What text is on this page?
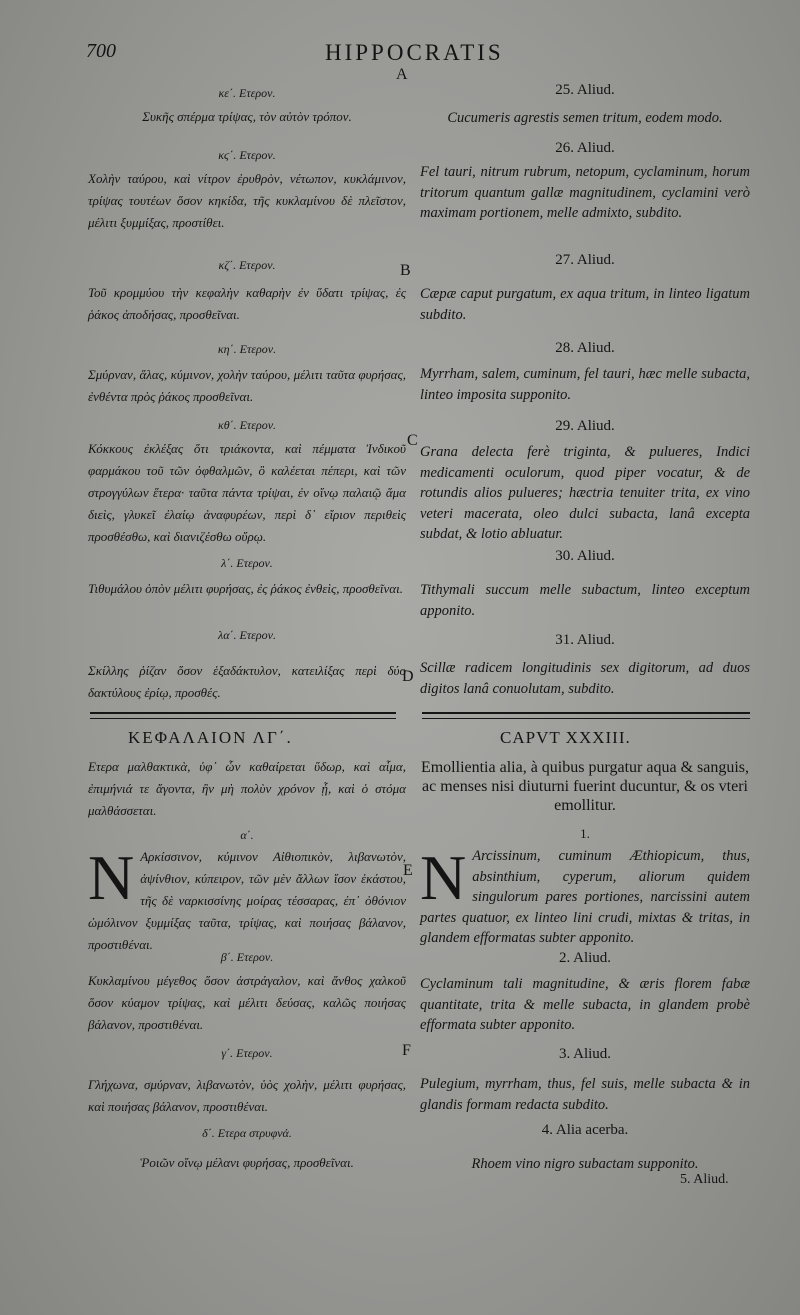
700	HIPPOCRATIS
A
B
C
D
E
F
κε΄. Ετερον.
Συκῆς σπέρμα τρίψας, τὸν αὐτὸν τρόπον.
κϛ΄. Ετερον.
Χολὴν ταύρου, καὶ νίτρον ἐρυθρὸν, νέτωπον, κυκλάμινον, τρίψας τουτέων ὅσον κηκίδα, τῆς κυκλαμίνου δὲ πλεῖστον, μέλιτι ξυμμίξας, προστίθει.
κζ΄. Ετερον.
Τοῦ κρομμύου τὴν κεφαλὴν καθαρὴν ἐν ὕδατι τρίψας, ἐς ῥάκος ἀποδήσας, προσθεῖναι.
κη΄. Ετερον.
Σμύρναν, ἅλας, κύμινον, χολὴν ταύρου, μέλιτι ταῦτα φυρήσας, ἐνθέντα πρὸς ῥάκος προσθεῖναι.
κθ΄. Ετερον.
Κόκκους ἐκλέξας ὅτι τριάκοντα, καὶ πέμματα Ἰνδικοῦ φαρμάκου τοῦ τῶν ὀφθαλμῶν, ὃ καλέεται πέπερι, καὶ τῶν στρογγύλων ἕτερα· ταῦτα πάντα τρίψαι, ἐν οἴνῳ παλαιῷ ἅμα διεὶς, γλυκεῖ ἐλαίῳ ἀναφυρέων, περὶ δ᾽ εἴριον περιθεὶς προσθέσθω, καὶ διανιζέσθω οὔρῳ.
λ΄. Ετερον.
Τιθυμάλου ὀπὸν μέλιτι φυρήσας, ἐς ῥάκος ἐνθεὶς, προσθεῖναι.
λα΄. Ετερον.
Σκίλλης ῥίζαν ὅσον ἑξαδάκτυλον, κατειλίξας περὶ δύο δακτύλους ἐρίῳ, προσθές.
25. Aliud.
Cucumeris agrestis semen tritum, eodem modo.
26. Aliud.
Fel tauri, nitrum rubrum, netopum, cyclaminum, horum tritorum quantum gallæ magnitudinem, cyclamini verò maximam portionem, melle admixto, subdito.
27. Aliud.
Cæpæ caput purgatum, ex aqua tritum, in linteo ligatum subdito.
28. Aliud.
Myrrham, salem, cuminum, fel tauri, hæc melle subacta, linteo imposita supponito.
29. Aliud.
Grana delecta ferè triginta, & pulueres, Indici medicamenti oculorum, quod piper vocatur, & de rotundis alios pulueres; hæctria tenuiter trita, ex vino veteri macerata, oleo dulci subacta, lanâ excepta subdat, & lotio abluatur.
30. Aliud.
Tithymali succum melle subactum, linteo exceptum apponito.
31. Aliud.
Scillæ radicem longitudinis sex digitorum, ad duos digitos lanâ conuolutam, subdito.
ΚΕΦΑΛΑΙΟΝ ΛΓ΄.	CAPVT XXXIII.
Ετερα μαλθακτικὰ, ὑφ᾽ ὧν καθαίρεται ὕδωρ, καὶ αἷμα, ἐπιμήνιά τε ἄγοντα, ἢν μὴ πολὺν χρόνον ᾖ, καὶ ὁ στόμα μαλθάσσεται.
Emollientia alia, à quibus purgatur aqua & sanguis, ac menses nisi diuturni fuerint ducuntur, & os vteri emollitur.
α΄.
N Αρκίσσινον, κύμινον Αἰθιοπικὸν, λιβανωτὸν, ἀψίνθιον, κύπειρον, τῶν μὲν ἄλλων ἴσον ἑκάστου, τῆς δὲ ναρκισσίνης μοίρας τέσσαρας, ἐπ᾽ ὀθόνιον ὠμόλινον ξυμμίξας ταῦτα, τρίψας, καὶ ποιήσας βάλανον, προστιθέναι.
1.
N Arcissinum, cuminum Æthiopicum, thus, absinthium, cyperum, aliorum quidem singulorum pares portiones, narcissini autem partes quatuor, ex linteo lini crudi, mixtas & tritas, in glandem efformatas subter apponito.
β΄. Ετερον.
Κυκλαμίνου μέγεθος ὅσον ἀστράγαλον, καὶ ἄνθος χαλκοῦ ὅσον κύαμον τρίψας, καὶ μέλιτι δεύσας, καλῶς ποιήσας βάλανον, προστιθέναι.
2. Aliud.
Cyclaminum tali magnitudine, & æris florem fabæ quantitate, trita & melle subacta, in glandem probè efformata subter apponito.
γ΄. Ετερον.
Γλήχωνα, σμύρναν, λιβανωτὸν, ὑὸς χολὴν, μέλιτι φυρήσας, καὶ ποιήσας βάλανον, προστιθέναι.
3. Aliud.
Pulegium, myrrham, thus, fel suis, melle subacta & in glandis formam redacta subdito.
δ΄. Ετερα στρυφνά.
Ῥοιῶν οἴνῳ μέλανι φυρήσας, προσθεῖναι.
4. Alia acerba.
Rhoem vino nigro subactam supponito.
5. Aliud.
